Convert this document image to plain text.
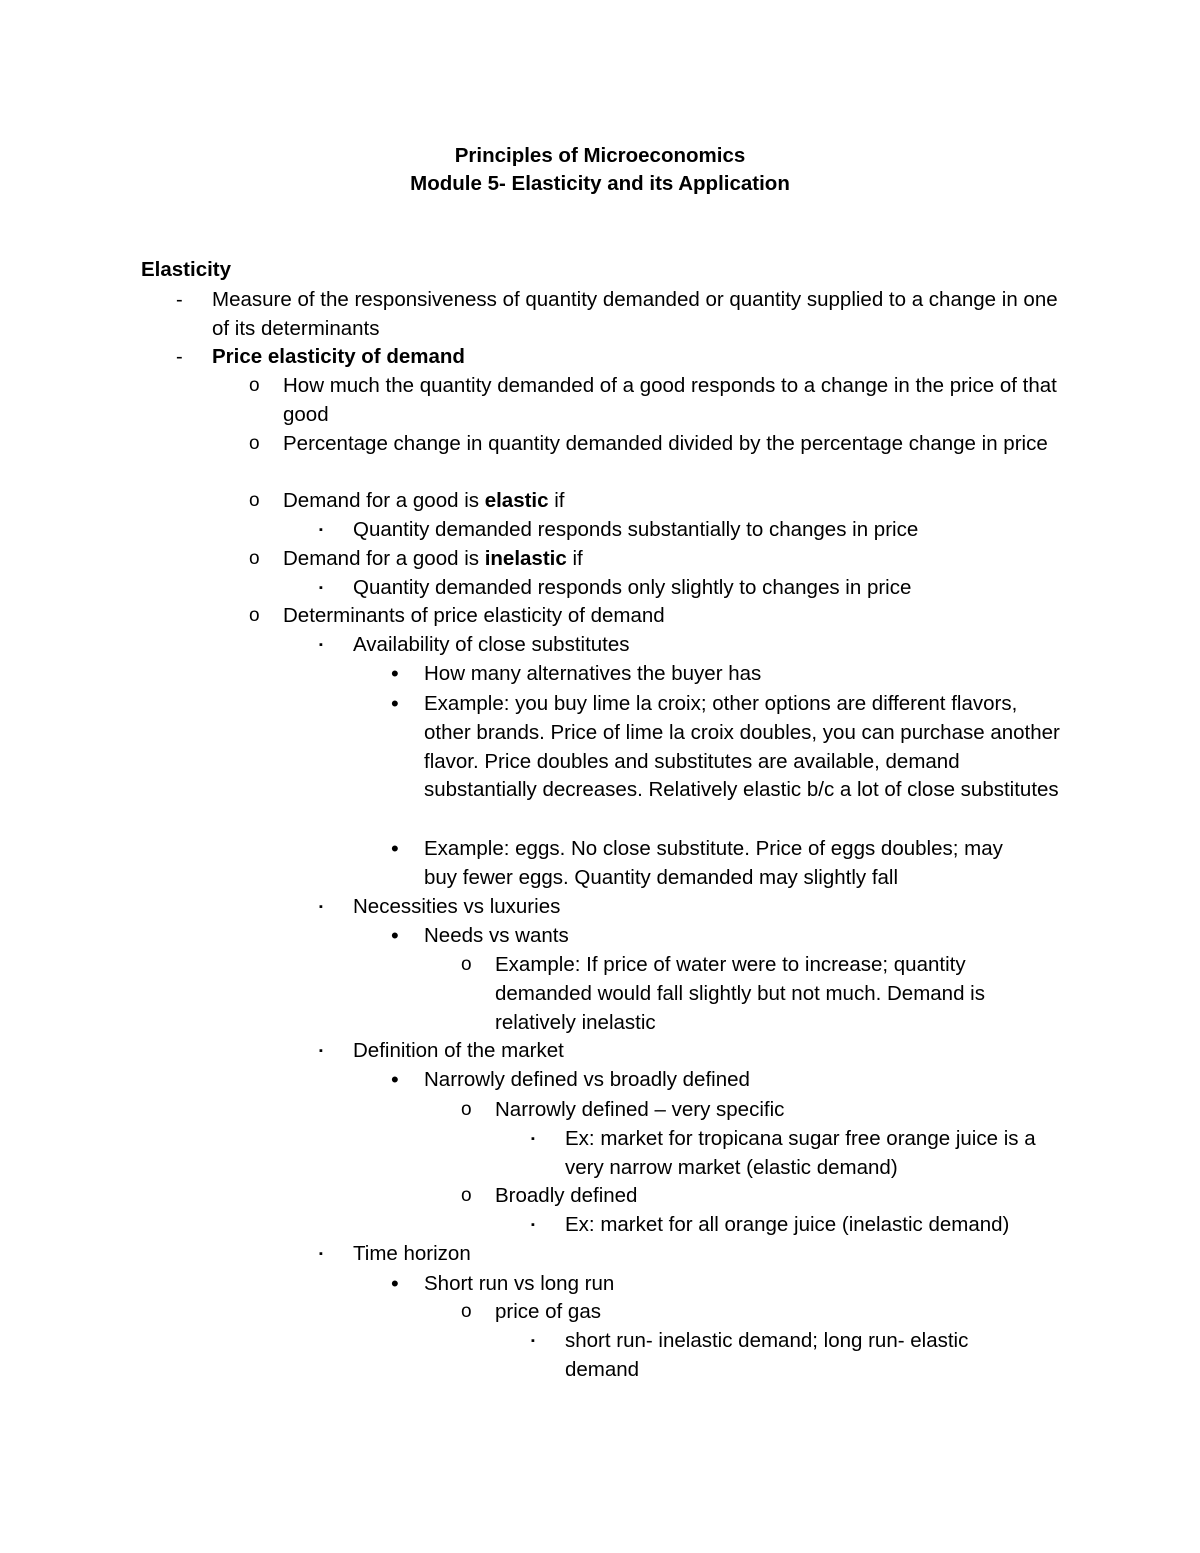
Principles of Microeconomics
Module 5- Elasticity and its Application
Elasticity
- Measure of the responsiveness of quantity demanded or quantity supplied to a change in one of its determinants
- Price elasticity of demand
o How much the quantity demanded of a good responds to a change in the price of that good
o Percentage change in quantity demanded divided by the percentage change in price
o Demand for a good is elastic if
▪ Quantity demanded responds substantially to changes in price
o Demand for a good is inelastic if
▪ Quantity demanded responds only slightly to changes in price
o Determinants of price elasticity of demand
▪ Availability of close substitutes
• How many alternatives the buyer has
• Example: you buy lime la croix; other options are different flavors, other brands. Price of lime la croix doubles, you can purchase another flavor. Price doubles and substitutes are available, demand substantially decreases. Relatively elastic b/c a lot of close substitutes
• Example: eggs. No close substitute. Price of eggs doubles; may buy fewer eggs. Quantity demanded may slightly fall
▪ Necessities vs luxuries
• Needs vs wants
o Example: If price of water were to increase; quantity demanded would fall slightly but not much. Demand is relatively inelastic
▪ Definition of the market
• Narrowly defined vs broadly defined
o Narrowly defined – very specific
▪ Ex: market for tropicana sugar free orange juice is a very narrow market (elastic demand)
o Broadly defined
▪ Ex: market for all orange juice (inelastic demand)
▪ Time horizon
• Short run vs long run
o price of gas
▪ short run- inelastic demand; long run- elastic demand
